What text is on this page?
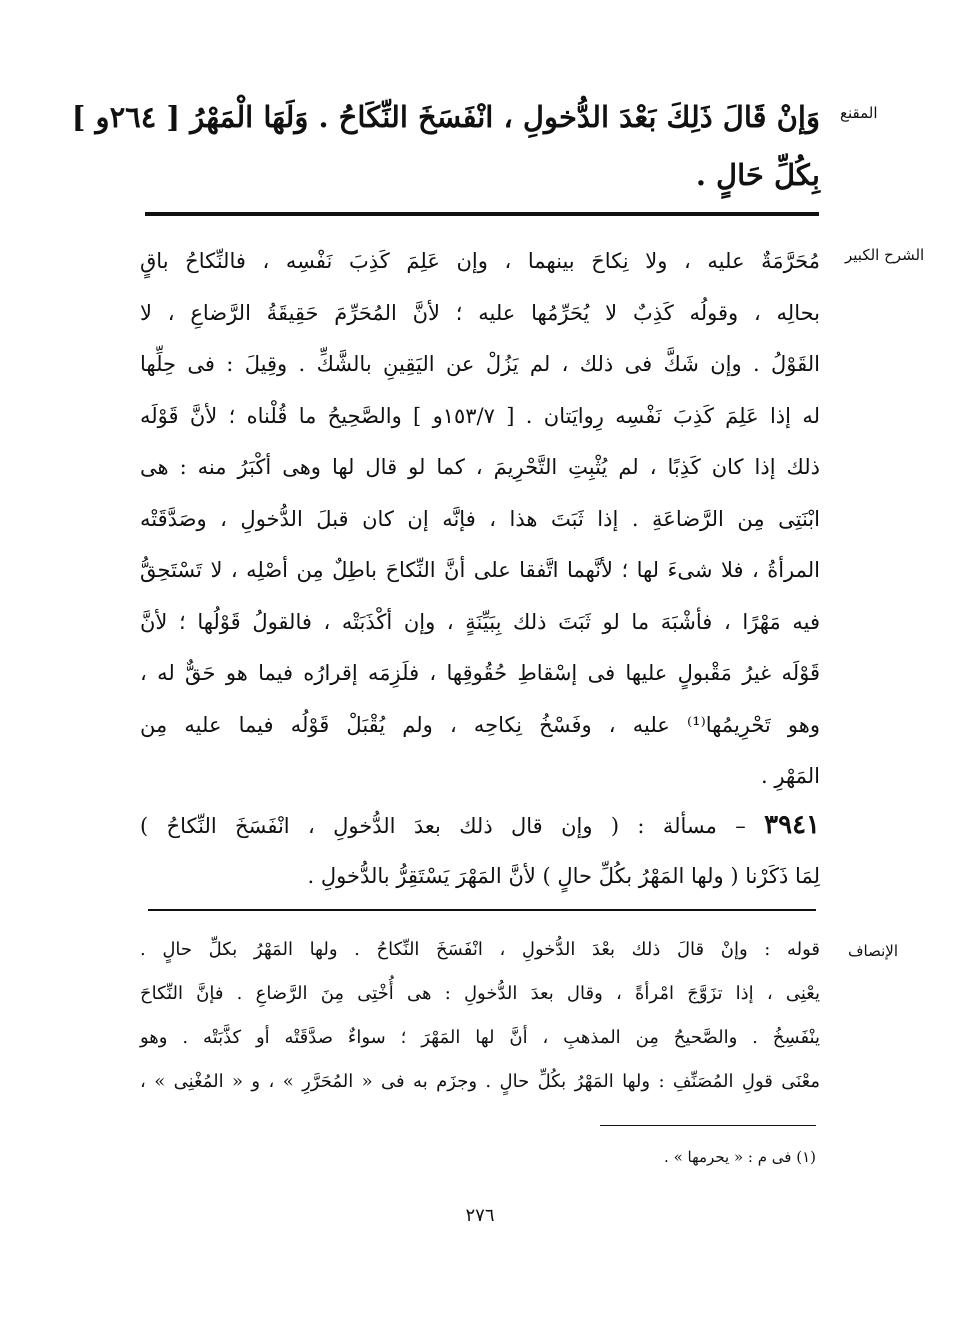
المقنع
وَإنْ قَالَ ذَلِكَ بَعْدَ الدُّخولِ ، انْفَسَخَ النِّكَاحُ . وَلَهَا الْمَهْرُ [ ٢٦٤و ]
بِكُلِّ حَالٍ .
الشرح الكبير
مُحَرَّمَةٌ عليه ، ولا نِكاحَ بينهما ، وإن عَلِمَ كَذِبَ نَفْسِه ، فالنِّكاحُ باقٍ
بحالِه ، وقولُه كَذِبٌ لا يُحَرِّمُها عليه ؛ لأنَّ المُحَرِّمَ حَقِيقَةُ الرَّضاعِ ، لا
القَوْلُ . وإن شَكَّ فى ذلك ، لم يَزُلْ عن اليَقِينِ بالشَّكِّ . وقِيلَ : فى حِلِّها
له إذا عَلِمَ كَذِبَ نَفْسِه رِوايَتان . [ ١٥٣/٧و ] والصَّحِيحُ ما قُلْناه ؛ لأنَّ قَوْلَه
ذلك إذا كان كَذِبًا ، لم يُثْبِتِ التَّحْرِيمَ ، كما لو قال لها وهى أكْبَرُ منه : هى
ابْنَتِى مِن الرَّضاعَةِ . إذا ثَبَتَ هذا ، فإنَّه إن كان قبلَ الدُّخولِ ، وصَدَّقَتْه
المرأةُ ، فلا شىءَ لها ؛ لأنَّهما اتَّفقا على أنَّ النِّكاحَ باطِلٌ مِن أصْلِه ، لا تَسْتَحِقُّ
فيه مَهْرًا ، فأشْبَهَ ما لو ثَبَتَ ذلك بِبَيِّنَةٍ ، وإن أكْذَبَتْه ، فالقولُ قَوْلُها ؛ لأنَّ
قَوْلَه غيرُ مَقْبولٍ عليها فى إسْقاطِ حُقُوقِها ، فلَزِمَه إقرارُه فيما هو حَقٌّ له ،
وهو تَحْرِيمُها⁽¹⁾ عليه ، وفَسْخُ نِكاحِه ، ولم يُقْبَلْ قَوْلُه فيما عليه مِن
المَهْرِ .
٣٩٤١ – مسألة : ( وإن قال ذلك بعدَ الدُّخولِ ، انْفَسَخَ النِّكاحُ )
لِمَا ذَكَرْنا ( ولها المَهْرُ بكُلِّ حالٍ ) لأنَّ المَهْرَ يَسْتَقِرُّ بالدُّخولِ .
الإنصاف
قوله : وإنْ قالَ ذلك بعْدَ الدُّخولِ ، انْفَسَخَ النِّكاحُ . ولها المَهْرُ بكلِّ حالٍ .
يعْنِى ، إذا تزَوَّجَ امْرأةً ، وقال بعدَ الدُّخولِ : هى أُخْتِى مِنَ الرَّضاعِ . فإنَّ النِّكاحَ
ينْفَسِخُ . والصَّحيحُ مِن المذهبِ ، أنَّ لها المَهْرَ ؛ سواءٌ صدَّقَتْه أو كذَّبَتْه . وهو
معْنَى قولِ المُصَنِّفِ : ولها المَهْرُ بكُلِّ حالٍ . وجزَم به فى « المُحَرَّرِ » ، و « المُغْنِى » ،
(١) فى م : « يحرمها » .
٢٧٦
